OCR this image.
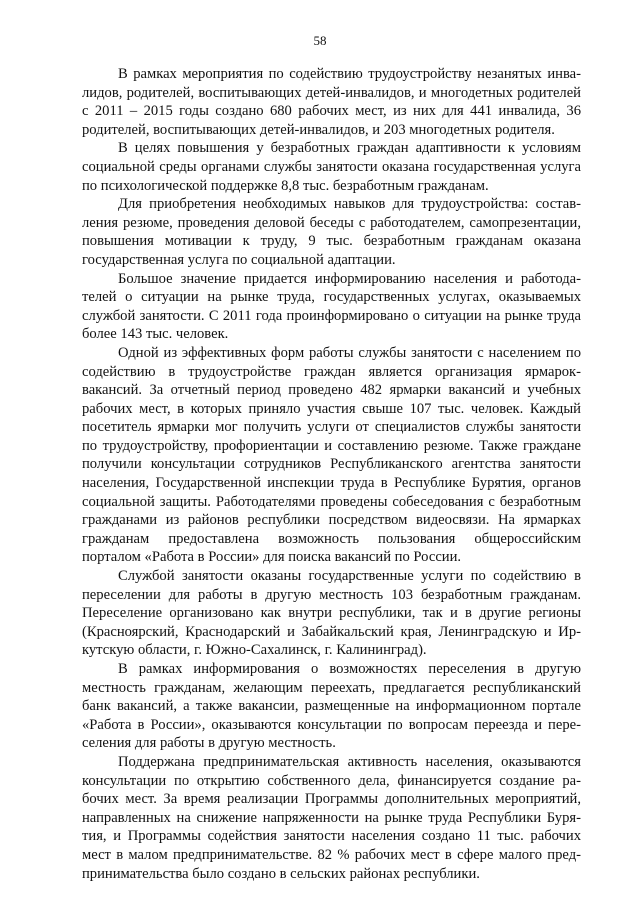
58

В рамках мероприятия по содействию трудоустройству незанятых инвалидов, родителей, воспитывающих детей-инвалидов, и многодетных родителей с 2011 – 2015 годы создано 680 рабочих мест, из них для 441 инвалида, 36 родителей, воспитывающих детей-инвалидов, и 203 многодетных родителя.

В целях повышения у безработных граждан адаптивности к условиям социальной среды органами службы занятости оказана государственная услуга по психологической поддержке 8,8 тыс. безработным гражданам.

Для приобретения необходимых навыков для трудоустройства: составления резюме, проведения деловой беседы с работодателем, самопрезентации, повышения мотивации к труду, 9 тыс. безработным гражданам оказана государственная услуга по социальной адаптации.

Большое значение придается информированию населения и работодателей о ситуации на рынке труда, государственных услугах, оказываемых службой занятости. С 2011 года проинформировано о ситуации на рынке труда более 143 тыс. человек.

Одной из эффективных форм работы службы занятости с населением по содействию в трудоустройстве граждан является организация ярмарок-вакансий. За отчетный период проведено 482 ярмарки вакансий и учебных рабочих мест, в которых приняло участия свыше 107 тыс. человек. Каждый посетитель ярмарки мог получить услуги от специалистов службы занятости по трудоустройству, профориентации и составлению резюме. Также граждане получили консультации сотрудников Республиканского агентства занятости населения, Государственной инспекции труда в Республике Бурятия, органов социальной защиты. Работодателями проведены собеседования с безработным гражданами из районов республики посредством видеосвязи. На ярмарках гражданам предоставлена возможность пользования общероссийским порталом «Работа в России» для поиска вакансий по России.

Службой занятости оказаны государственные услуги по содействию в переселении для работы в другую местность 103 безработным гражданам. Переселение организовано как внутри республики, так и в другие регионы (Красноярский, Краснодарский и Забайкальский края, Ленинградскую и Иркутскую области, г. Южно-Сахалинск, г. Калининград).

В рамках информирования о возможностях переселения в другую местность гражданам, желающим переехать, предлагается республиканский банк вакансий, а также вакансии, размещенные на информационном портале «Работа в России», оказываются консультации по вопросам переезда и переселения для работы в другую местность.

Поддержана предпринимательская активность населения, оказываются консультации по открытию собственного дела, финансируется создание рабочих мест. За время реализации Программы дополнительных мероприятий, направленных на снижение напряженности на рынке труда Республики Бурятия, и Программы содействия занятости населения создано 11 тыс. рабочих мест в малом предпринимательстве. 82 % рабочих мест в сфере малого предпринимательства было создано в сельских районах республики.
